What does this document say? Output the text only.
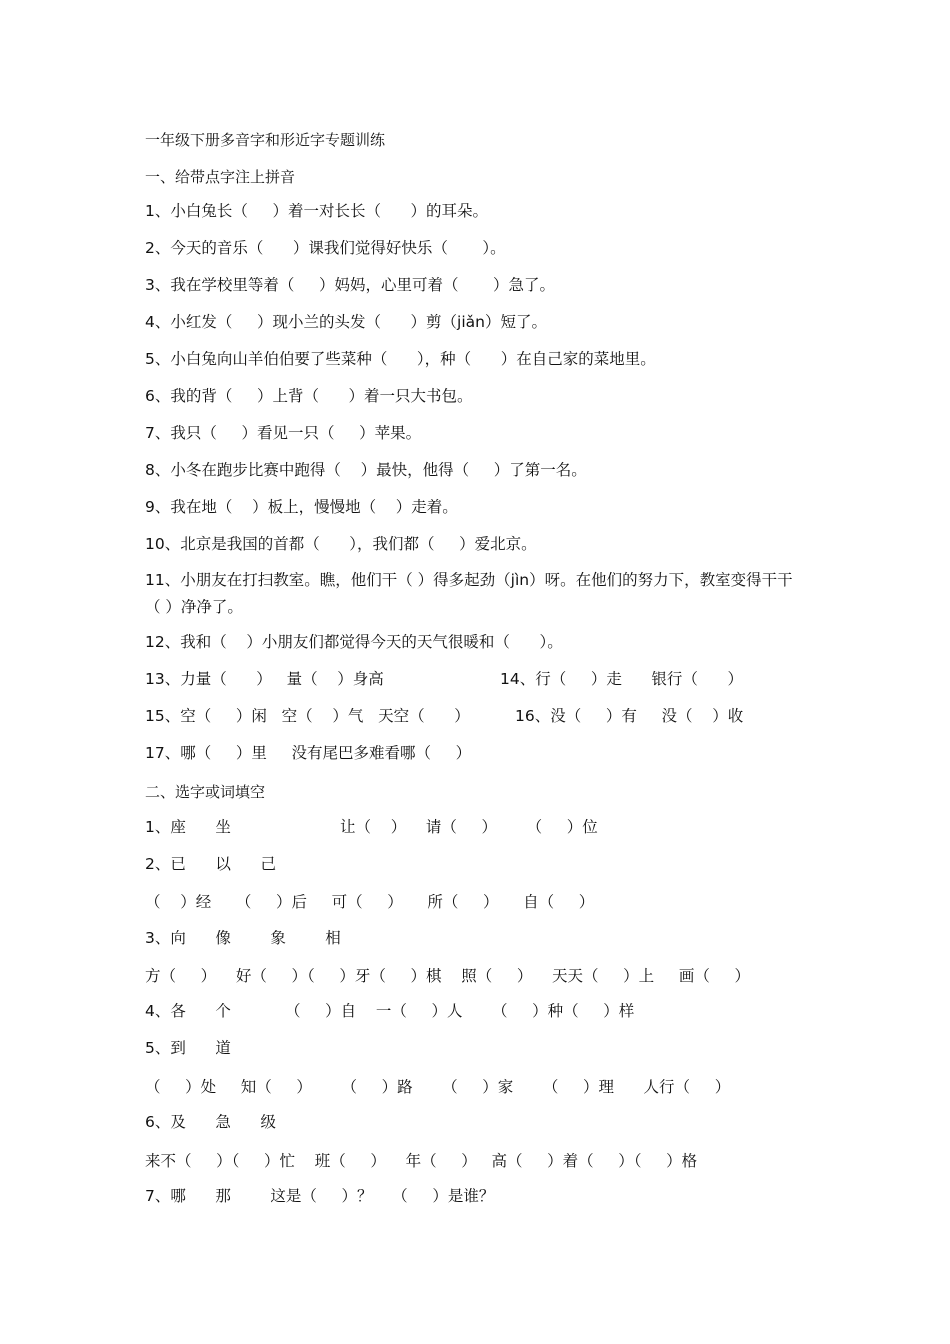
一年级下册多音字和形近字专题训练
一、给带点字注上拼音
1、小白兔长（     ）着一对长长（      ）的耳朵。
2、今天的音乐（      ）课我们觉得好快乐（       ）。
3、我在学校里等着（     ）妈妈，心里可着（       ）急了。
4、小红发（     ）现小兰的头发（      ）剪（jiǎn）短了。
5、小白兔向山羊伯伯要了些菜种（      ），种（      ）在自己家的菜地里。
6、我的背（     ）上背（      ）着一只大书包。
7、我只（     ）看见一只（     ）苹果。
8、小冬在跑步比赛中跑得（    ）最快，他得（     ）了第一名。
9、我在地（    ）板上，慢慢地（    ）走着。
10、北京是我国的首都（      ），我们都（     ）爱北京。
11、小朋友在打扫教室。瞧，他们干（ ）得多起劲（jìn）呀。在他们的努力下，教室变得干干（ ）净净了。
12、我和（    ）小朋友们都觉得今天的天气很暖和（      ）。
13、力量（      ）   量（    ）身高	14、行（     ）走      银行（      ）
15、空（     ）闲   空（    ）气   天空（      ）	16、没（     ）有     没（    ）收
17、哪（     ）里     没有尾巴多难看哪（     ）
二、选字或词填空
1、座      坐	让（    ）    请（     ）      （     ）位
2、已      以      己
（    ）经     （     ）后     可（     ）     所（     ）     自（     ）
3、向      像        象        相
方（     ）    好（     ）（     ）牙（     ）棋    照（     ）    天天（     ）上     画（     ）
4、各      个	（     ）自    一（     ）人      （     ）种（     ）样
5、到      道
（     ）处     知（     ）      （     ）路      （     ）家      （     ）理      人行（     ）
6、及      急      级
来不（     ）（     ）忙    班（     ）    年（     ）   高（     ）着（     ）（     ）格
7、哪      那        这是（     ）？    （     ）是谁？
